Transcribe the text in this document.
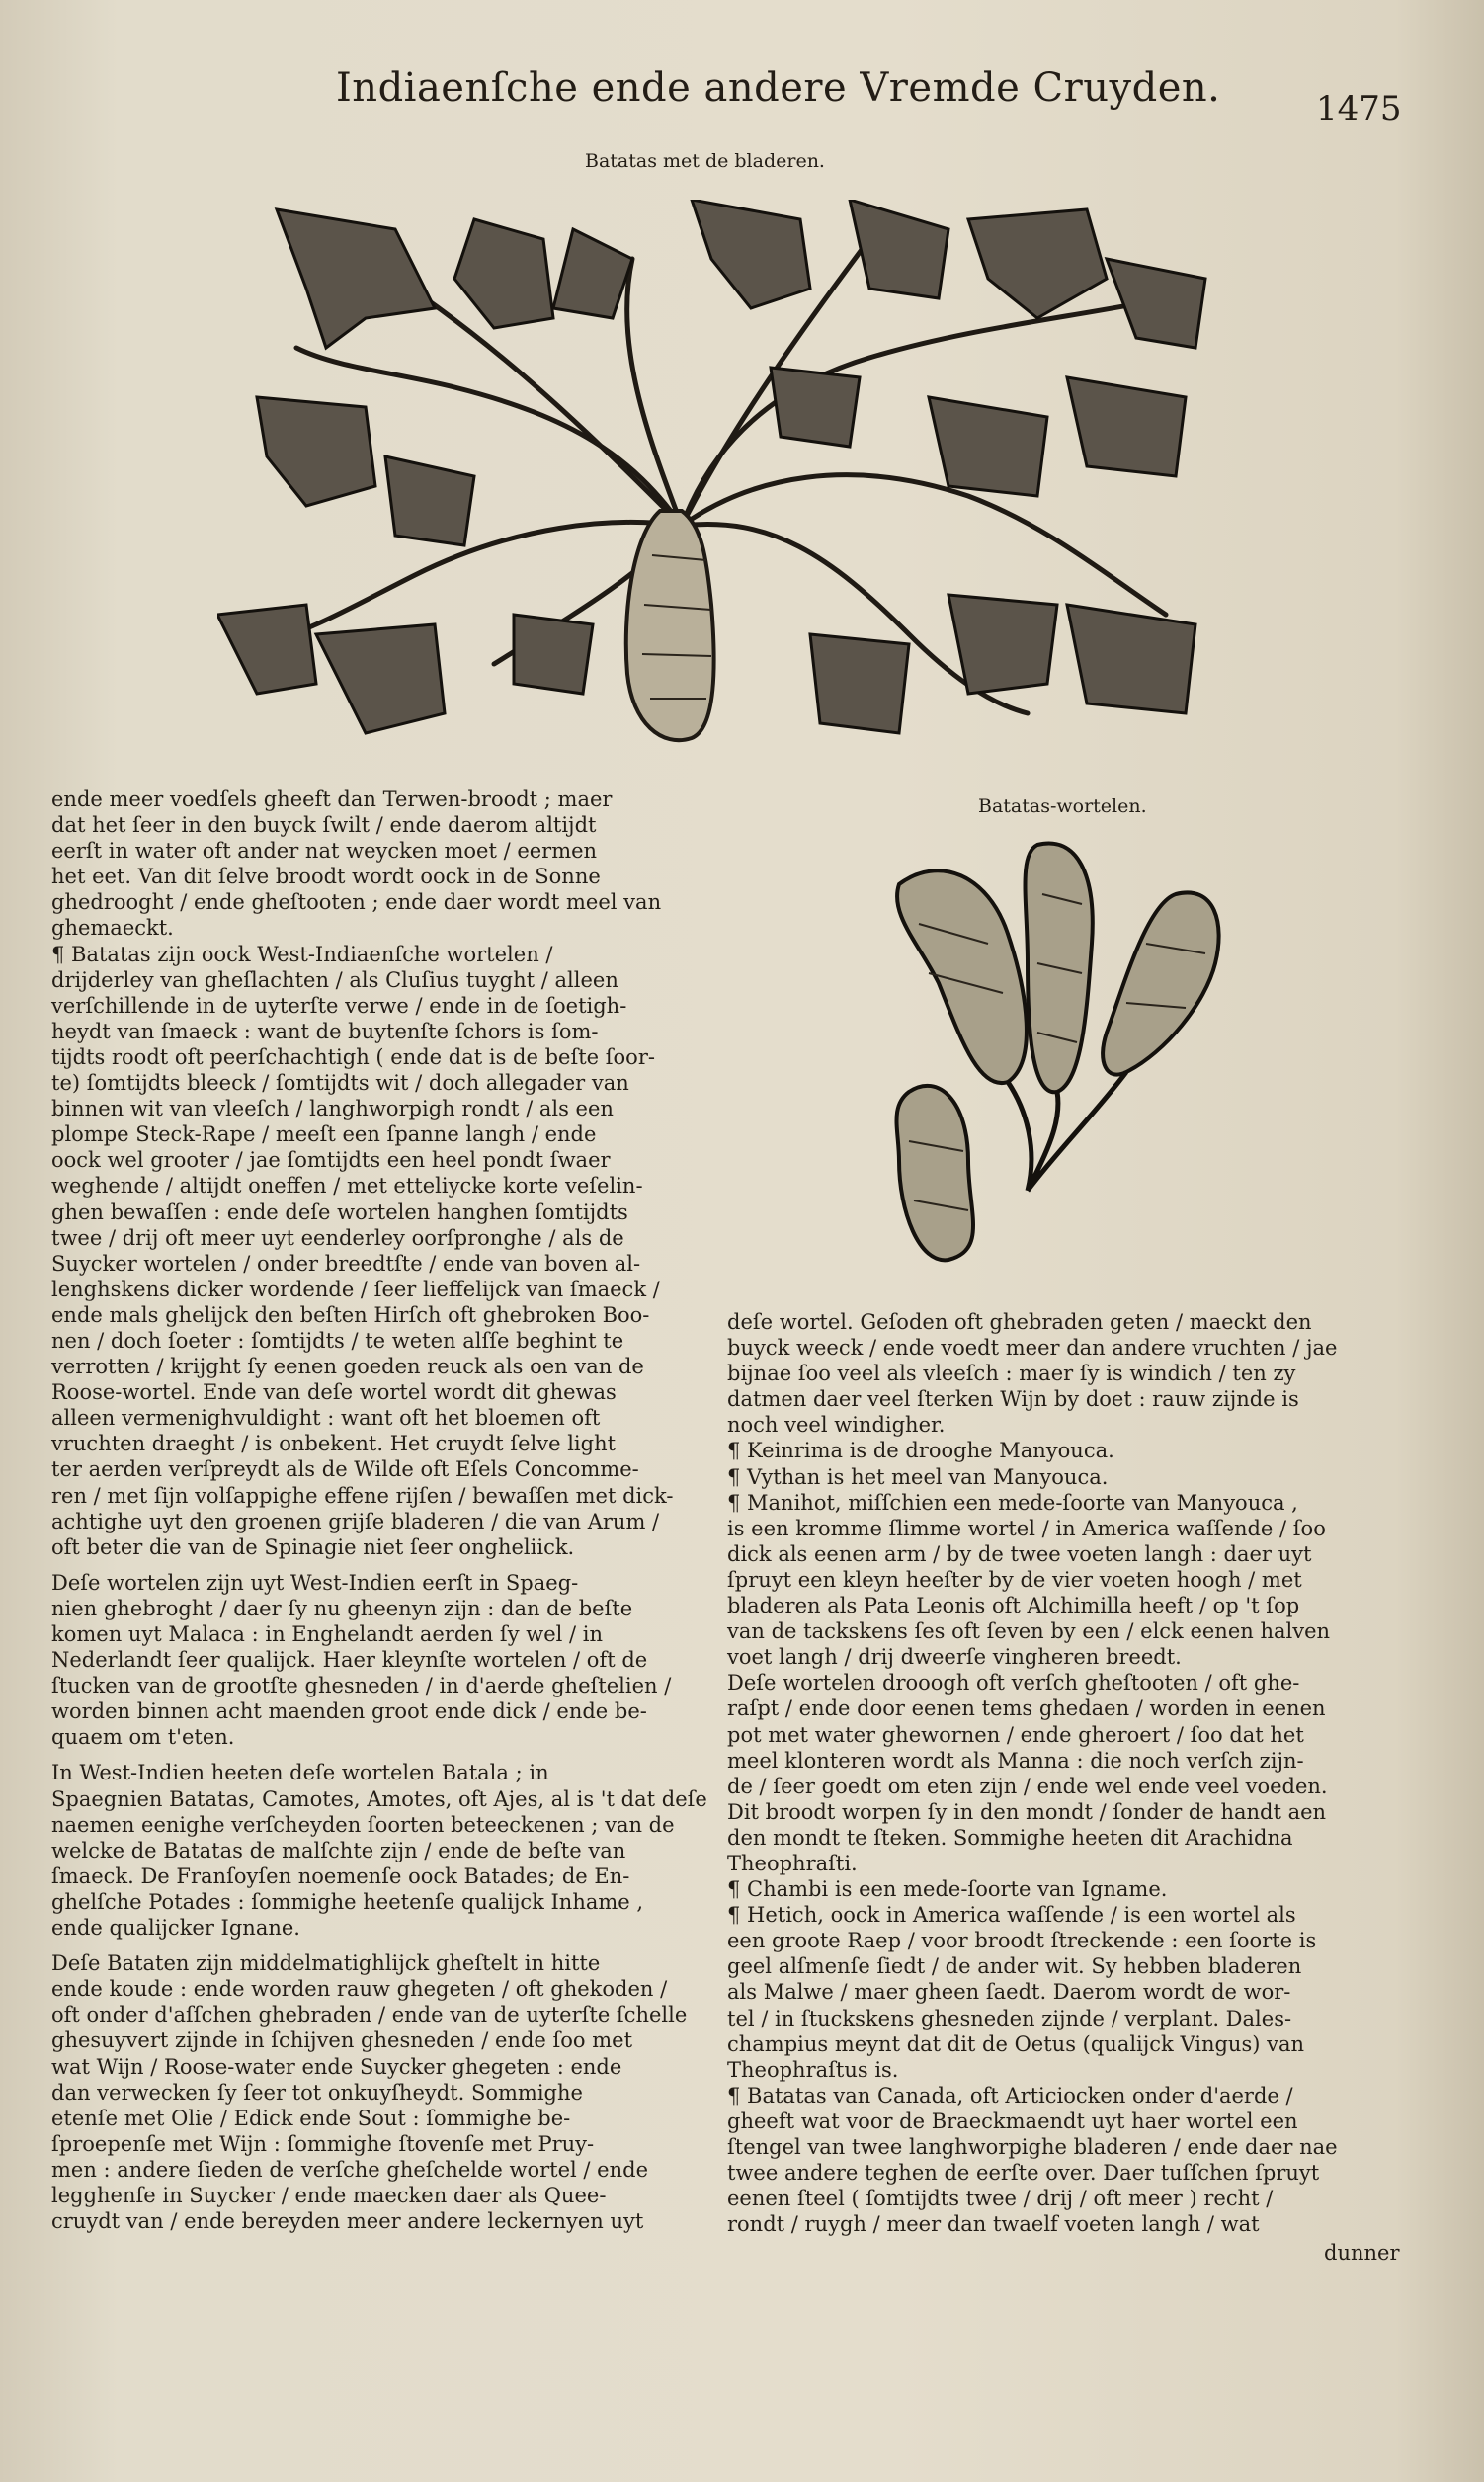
Indiaenſche ende andere Vremde Cruyden.	1475
Batatas met de bladeren.
Batatas-wortelen.

ende meer voedſels gheeft dan Terwen-broodt ; maer

dat het ſeer in den buyck ſwilt / ende daerom altijdt

eerſt in water oft ander nat weycken moet / eermen

het eet. Van dit ſelve broodt wordt oock in de Sonne

ghedrooght / ende gheſtooten ; ende daer wordt meel van

ghemaeckt.

¶ Batatas zijn oock West-Indiaenſche wortelen /

drijderley van gheſlachten / als Cluſius tuyght / alleen

verſchillende in de uyterſte verwe / ende in de ſoetigh-

heydt van ſmaeck : want de buytenſte ſchors is ſom-

tijdts roodt oft peerſchachtigh ( ende dat is de beſte ſoor-

te) ſomtijdts bleeck / ſomtijdts wit / doch allegader van

binnen wit van vleeſch / langhworpigh rondt / als een

plompe Steck-Rape / meeſt een ſpanne langh / ende

oock wel grooter / jae ſomtijdts een heel pondt ſwaer

weghende / altijdt oneffen / met etteliycke korte veſelin-

ghen bewaſſen : ende deſe wortelen hanghen ſomtijdts

twee / drij oft meer uyt eenderley oorſpronghe / als de

Suycker wortelen / onder breedtſte / ende van boven al-

lenghskens dicker wordende / ſeer lieffelijck van ſmaeck /

ende mals ghelijck den beſten Hirſch oft ghebroken Boo-

nen / doch ſoeter : ſomtijdts / te weten alſſe beghint te

verrotten / krijght ſy eenen goeden reuck als oen van de

Roose-wortel. Ende van deſe wortel wordt dit ghewas

alleen vermenighvuldight : want oft het bloemen oft

vruchten draeght / is onbekent. Het cruydt ſelve light

ter aerden verſpreydt als de Wilde oft Eſels Concomme-

ren / met ſijn volſappighe effene rijſen / bewaſſen met dick-

achtighe uyt den groenen grijſe bladeren / die van Arum /

oft beter die van de Spinagie niet ſeer ongheliick.

Deſe wortelen zijn uyt West-Indien eerſt in Spaeg-

nien ghebroght / daer ſy nu gheenyn zijn : dan de beſte

komen uyt Malaca : in Enghelandt aerden ſy wel / in

Nederlandt ſeer qualijck. Haer kleynſte wortelen / oft de

ſtucken van de grootſte ghesneden / in d'aerde gheſtelien /

worden binnen acht maenden groot ende dick / ende be-

quaem om t'eten.

In West-Indien heeten deſe wortelen Batala ; in

Spaegnien Batatas, Camotes, Amotes, oft Ajes, al is 't dat deſe

naemen eenighe verſcheyden ſoorten beteeckenen ; van de

welcke de Batatas de malſchte zijn / ende de beſte van

ſmaeck. De Franſoyſen noemenſe oock Batades; de En-

ghelſche Potades : ſommighe heetenſe qualijck Inhame ,

ende qualijcker Ignane.

Deſe Bataten zijn middelmatighlijck gheſtelt in hitte

ende koude : ende worden rauw ghegeten / oft ghekoden /

oft onder d'aſſchen ghebraden / ende van de uyterſte ſchelle

ghesuyvert zijnde in ſchijven ghesneden / ende ſoo met

wat Wijn / Roose-water ende Suycker ghegeten : ende

dan verwecken ſy ſeer tot onkuyſheydt. Sommighe

etenſe met Olie / Edick ende Sout : ſommighe be-

ſproepenſe met Wijn : ſommighe ſtovenſe met Pruy-

men : andere ſieden de verſche gheſchelde wortel / ende

legghenſe in Suycker / ende maecken daer als Quee-

cruydt van / ende bereyden meer andere leckernyen uyt

deſe wortel. Geſoden oft ghebraden geten / maeckt den

buyck weeck / ende voedt meer dan andere vruchten / jae

bijnae ſoo veel als vleeſch : maer ſy is windich / ten zy

datmen daer veel ſterken Wijn by doet : rauw zijnde is

noch veel windigher.

¶ Keinrima is de drooghe Manyouca.

¶ Vythan is het meel van Manyouca.

¶ Manihot, miſſchien een mede-ſoorte van Manyouca ,

is een kromme ſlimme wortel / in America waſſende / ſoo

dick als eenen arm / by de twee voeten langh : daer uyt

ſpruyt een kleyn heeſter by de vier voeten hoogh / met

bladeren als Pata Leonis oft Alchimilla heeft / op 't ſop

van de tackskens ſes oft ſeven by een / elck eenen halven

voet langh / drij dweerſe vingheren breedt.

Deſe wortelen drooogh oft verſch gheſtooten / oft ghe-

raſpt / ende door eenen tems ghedaen / worden in eenen

pot met water ghewornen / ende gheroert / ſoo dat het

meel klonteren wordt als Manna : die noch verſch zijn-

de / ſeer goedt om eten zijn / ende wel ende veel voeden.

Dit broodt worpen ſy in den mondt / ſonder de handt aen

den mondt te ſteken. Sommighe heeten dit Arachidna

Theophraſti.

¶ Chambi is een mede-ſoorte van Igname.

¶ Hetich, oock in America waſſende / is een wortel als

een groote Raep / voor broodt ſtreckende : een ſoorte is

geel alſmenſe ſiedt / de ander wit. Sy hebben bladeren

als Malwe / maer gheen ſaedt. Daerom wordt de wor-

tel / in ſtuckskens ghesneden zijnde / verplant. Dales-

champius meynt dat dit de Oetus (qualijck Vingus) van

Theophraſtus is.

¶ Batatas van Canada, oft Articiocken onder d'aerde /

gheeft wat voor de Braeckmaendt uyt haer wortel een

ſtengel van twee langhworpighe bladeren / ende daer nae

twee andere teghen de eerſte over. Daer tuſſchen ſpruyt

eenen ſteel ( ſomtijdts twee / drij / oft meer ) recht /

rondt / ruygh / meer dan twaelf voeten langh / wat

dunner
